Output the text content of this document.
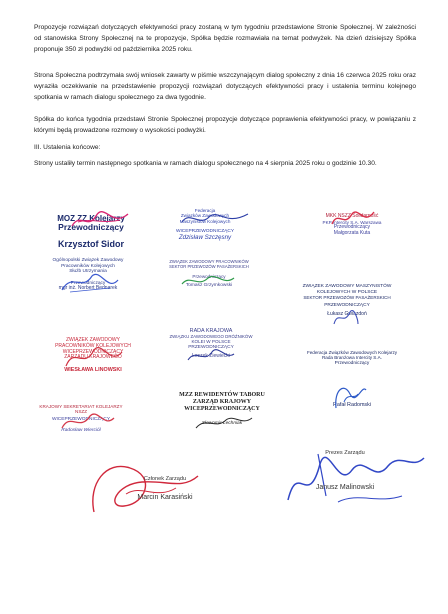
Propozycje rozwiązań dotyczących efektywności pracy zostaną w tym tygodniu przedstawione Stronie Społecznej. W zależności od stanowiska Strony Społecznej na te propozycje, Spółka będzie rozmawiała na temat podwyżek. Na dzień dzisiejszy Spółka proponuje 350 zł podwyżki od października 2025 roku.

Strona Społeczna podtrzymała swój wniosek zawarty w piśmie wszczynającym dialog społeczny z dnia 16 czerwca 2025 roku oraz wyraziła oczekiwanie na przedstawienie propozycji rozwiązań dotyczących efektywności pracy i ustalenia terminu kolejnego spotkania w ramach dialogu społecznego za dwa tygodnie.

Spółka do końca tygodnia przedstawi Stronie Społecznej propozycje dotyczące poprawienia efektywności pracy, w powiązaniu z którymi będą prowadzone rozmowy o wysokości podwyżki.

III. Ustalenia końcowe:

Strony ustaliły termin następnego spotkania w ramach dialogu społecznego na 4 sierpnia 2025 roku o godzinie 10.30.

MOZ ZZ Kolejarzy
Przewodniczący
Krzysztof Sidor
Federacja
Związków Zawodowych
Maszynistów Kolejowych
WICEPRZEWODNICZĄCY
Zdzisław Szczęsny
MKK NSZZ Solidarność
PKP Intercity S.A. Warszawa
Przewodniczący
Małgorzata Kuta
Ogólnopolski Związek Zawodowy
Pracowników Kolejowych
Służb Utrzymania
Przewodniczący
mgr inż. Norbert Bednarek
ZWIĄZEK ZAWODOWY PRACOWNIKÓW
SEKTOR PRZEWOZÓW PASAŻERSKICH
Przewodniczący
Tomasz Grzymkowski	ZWIĄZEK ZAWODOWY MASZYNISTÓW
KOLEJOWYCH W POLSCE
SEKTOR PRZEWOZÓW PASAŻERSKICH
PRZEWODNICZĄCY
Łukasz Gwiazdoń
ZWIĄZEK ZAWODOWY
PRACOWNIKÓW KOLEJOWYCH
WICEPRZEWODNICZĄCY
ZARZĄDU KRAJOWEGO
WIESŁAWA LINOWSKI
RADA KRAJOWA
ZWIĄZKU ZAWODOWEGO DRÓŻNIKÓW
KOLEI W POLSCE
PRZEWODNICZĄCY
Leszek Ziewiecki
MZZ REWIDENTÓW TABORU
ZARZĄD KRAJOWY
WICEPRZEWODNICZĄCY
Sławomir Lechniak
Federacja Związków Zawodowych Kolejarzy
Rada Branżowa Intercity S.A.
Przewodniczący
Rafał Radomski
KRAJOWY SEKRETARIAT KOLEJARZY
NSZZ
WICEPRZEWODNICZĄCY
Radosław Wierciól
Członek Zarządu
Marcin Karasiński
Prezes Zarządu
Janusz Malinowski
